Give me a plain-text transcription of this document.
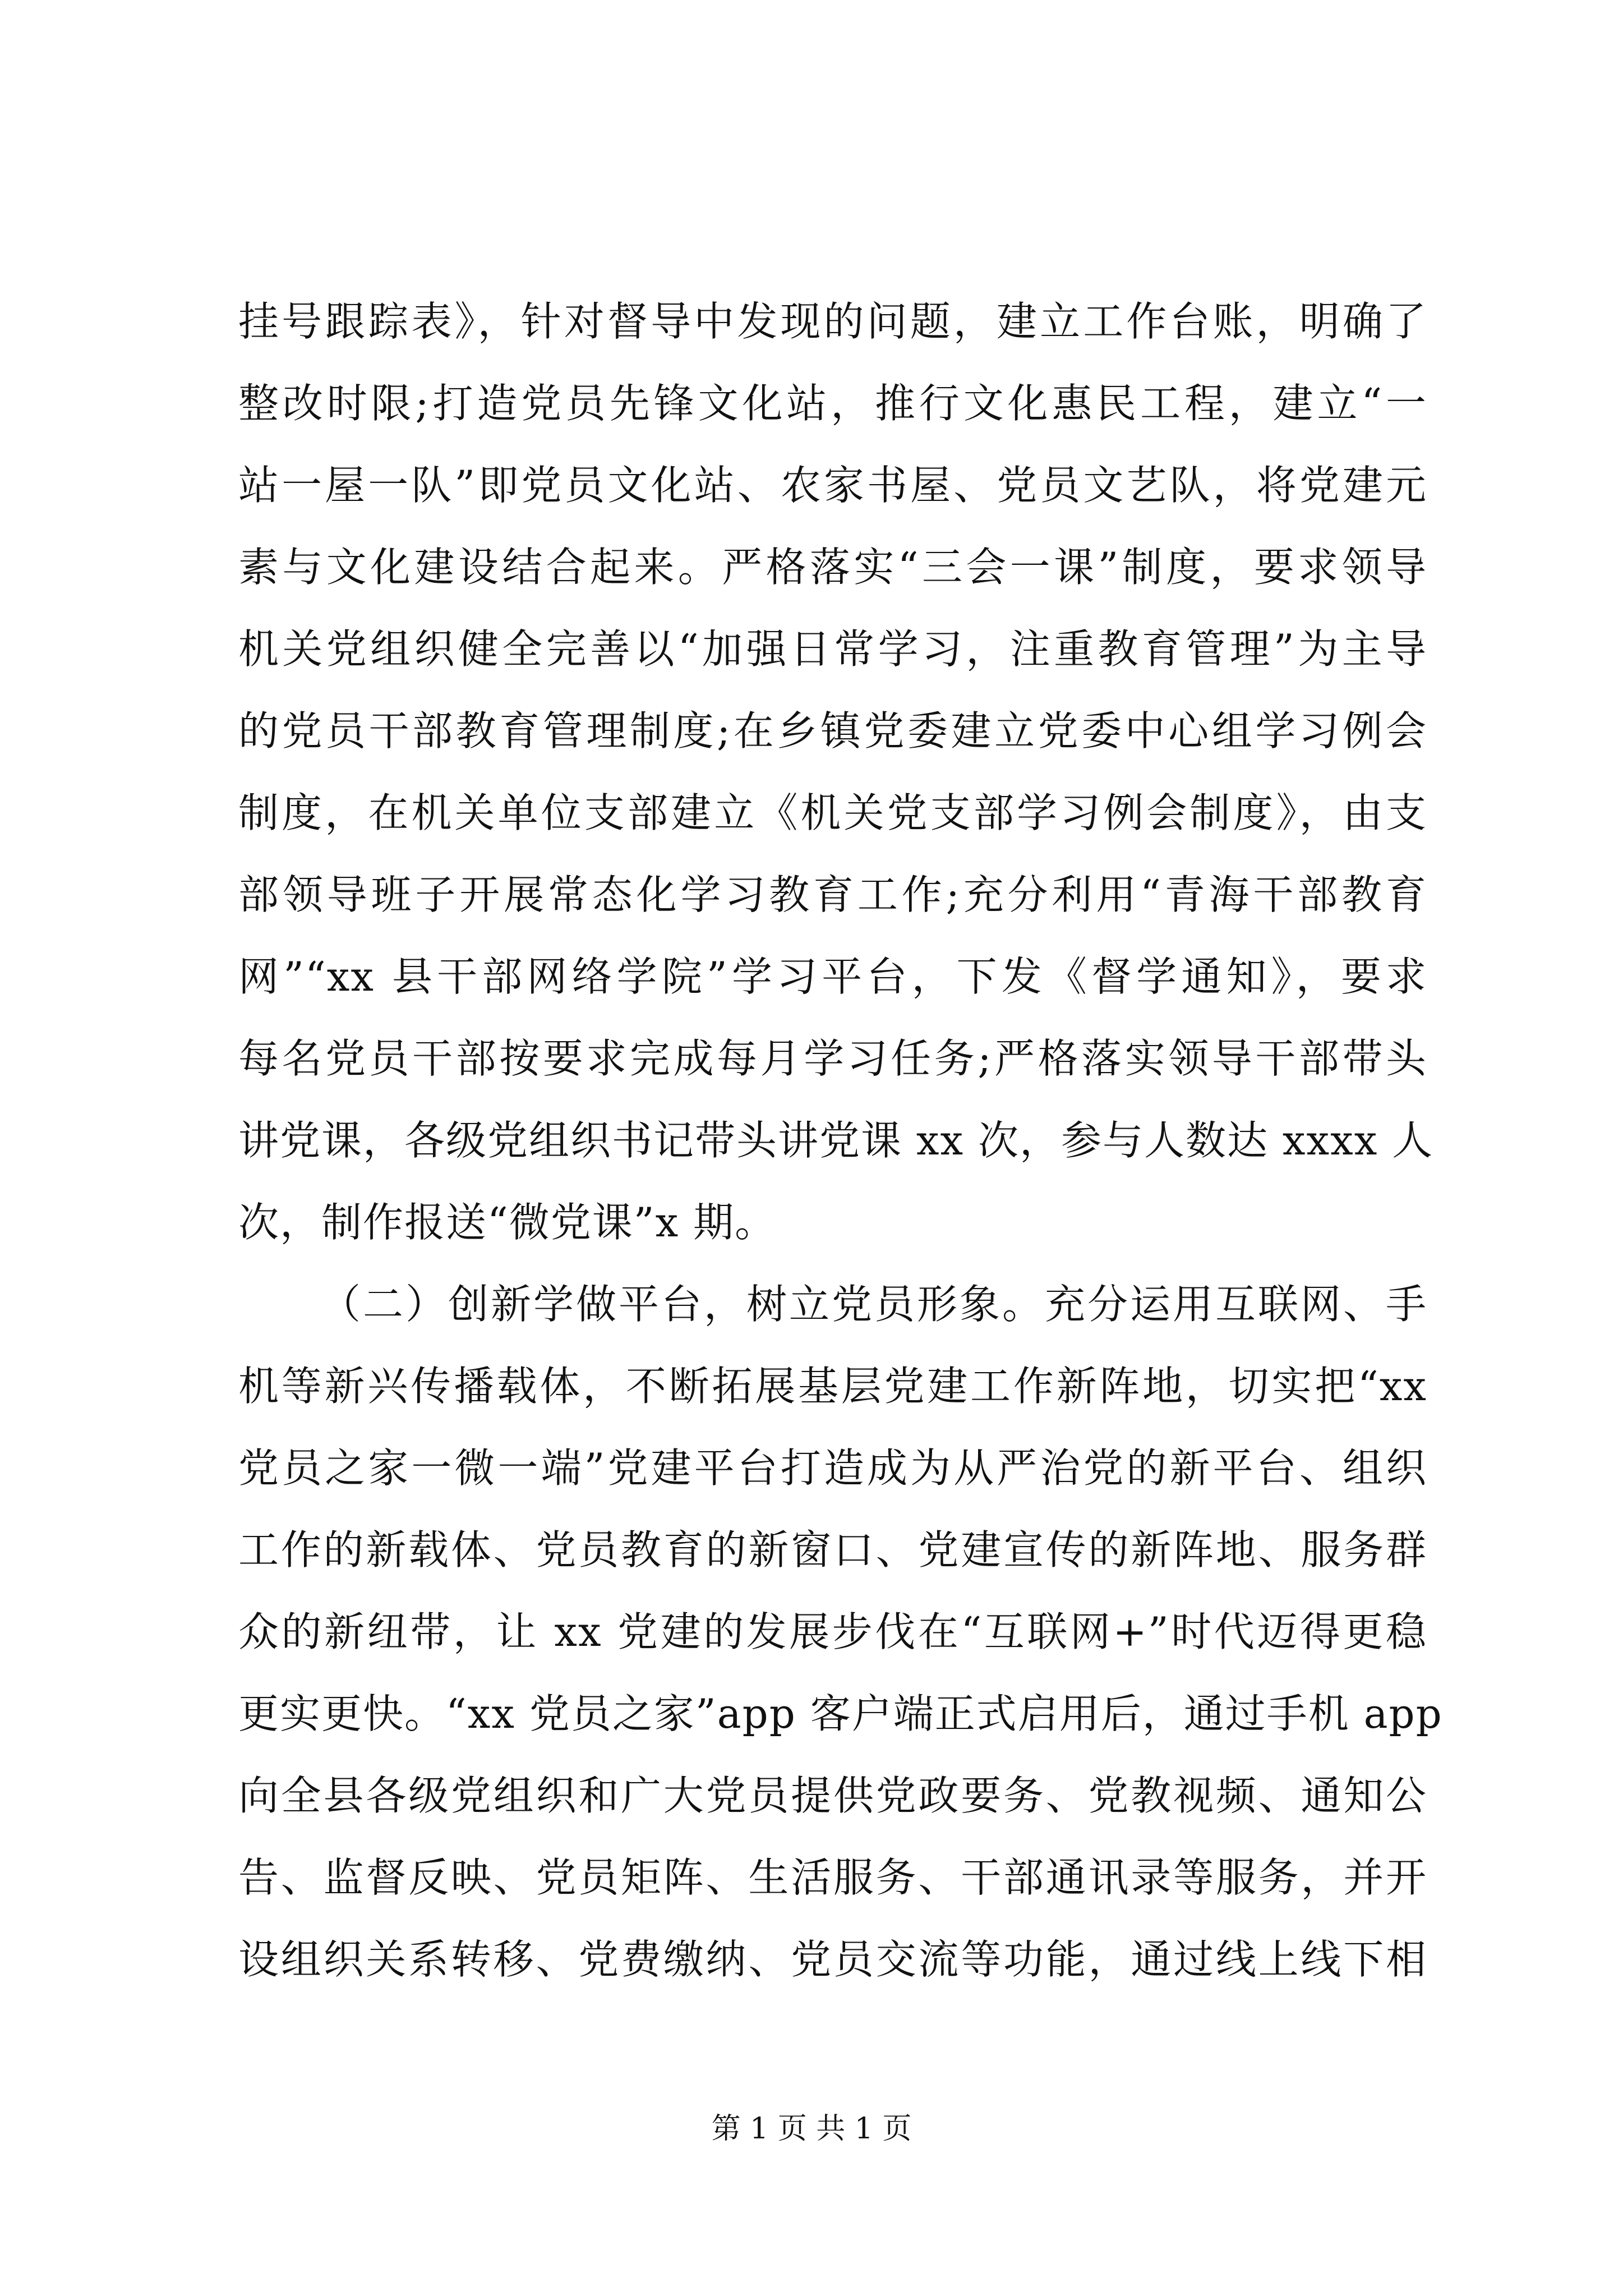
挂号跟踪表》，针对督导中发现的问题，建立工作台账，明确了
整改时限;打造党员先锋文化站，推行文化惠民工程，建立“一
站一屋一队”即党员文化站、农家书屋、党员文艺队，将党建元
素与文化建设结合起来。严格落实“三会一课”制度，要求领导
机关党组织健全完善以“加强日常学习，注重教育管理”为主导
的党员干部教育管理制度;在乡镇党委建立党委中心组学习例会
制度，在机关单位支部建立《机关党支部学习例会制度》，由支
部领导班子开展常态化学习教育工作;充分利用“青海干部教育
网”“xx 县干部网络学院”学习平台，下发《督学通知》，要求
每名党员干部按要求完成每月学习任务;严格落实领导干部带头
讲党课，各级党组织书记带头讲党课 xx 次，参与人数达 xxxx 人
次，制作报送“微党课”x 期。
（二）创新学做平台，树立党员形象。充分运用互联网、手
机等新兴传播载体，不断拓展基层党建工作新阵地，切实把“xx
党员之家一微一端”党建平台打造成为从严治党的新平台、组织
工作的新载体、党员教育的新窗口、党建宣传的新阵地、服务群
众的新纽带，让 xx 党建的发展步伐在“互联网+”时代迈得更稳
更实更快。“xx 党员之家”app 客户端正式启用后，通过手机 app
向全县各级党组织和广大党员提供党政要务、党教视频、通知公
告、监督反映、党员矩阵、生活服务、干部通讯录等服务，并开
设组织关系转移、党费缴纳、党员交流等功能，通过线上线下相
第 1 页 共 1 页
